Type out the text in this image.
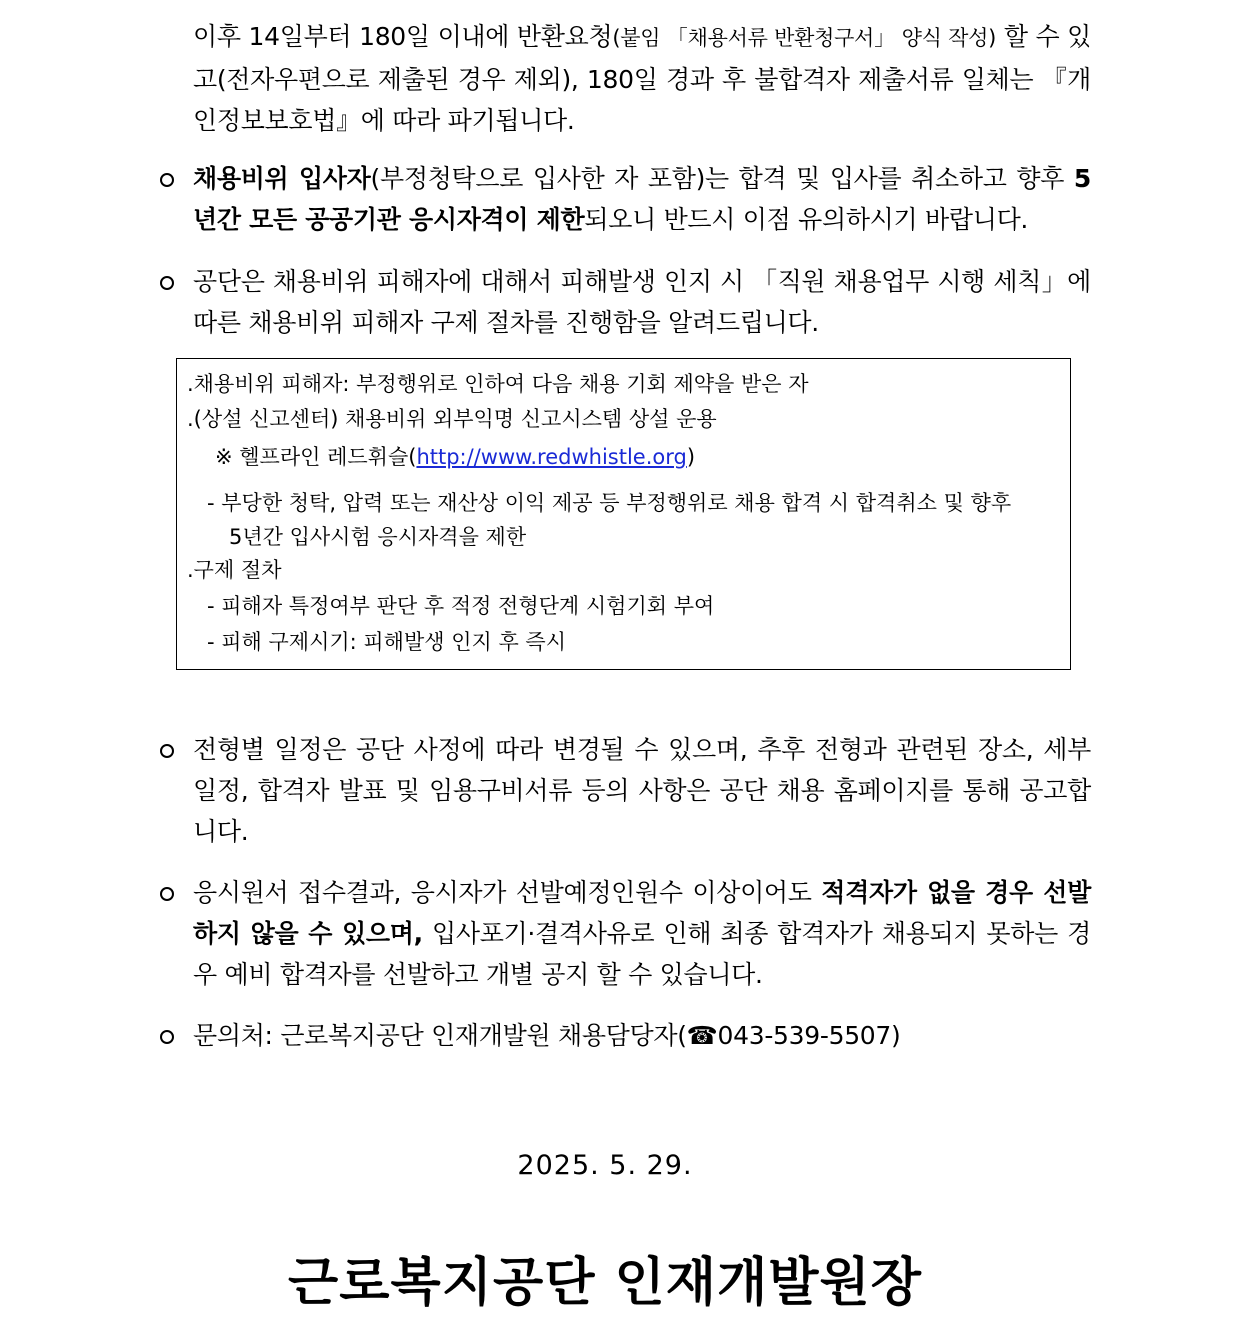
이후 14일부터 180일 이내에 반환요청(붙임 「채용서류 반환청구서」 양식 작성) 할 수 있고(전자우편으로 제출된 경우 제외), 180일 경과 후 불합격자 제출서류 일체는 『개인정보보호법』에 따라 파기됩니다.
채용비위 입사자(부정청탁으로 입사한 자 포함)는 합격 및 입사를 취소하고 향후 5년간 모든 공공기관 응시자격이 제한되오니 반드시 이점 유의하시기 바랍니다.
공단은 채용비위 피해자에 대해서 피해발생 인지 시 「직원 채용업무 시행 세칙」에 따른 채용비위 피해자 구제 절차를 진행함을 알려드립니다.
.채용비위 피해자: 부정행위로 인하여 다음 채용 기회 제약을 받은 자
.(상설 신고센터) 채용비위 외부익명 신고시스템 상설 운용
※ 헬프라인 레드휘슬(http://www.redwhistle.org)
- 부당한 청탁, 압력 또는 재산상 이익 제공 등 부정행위로 채용 합격 시 합격취소 및 향후
5년간 입사시험 응시자격을 제한
.구제 절차
- 피해자 특정여부 판단 후 적정 전형단계 시험기회 부여
- 피해 구제시기: 피해발생 인지 후 즉시
전형별 일정은 공단 사정에 따라 변경될 수 있으며, 추후 전형과 관련된 장소, 세부 일정, 합격자 발표 및 임용구비서류 등의 사항은 공단 채용 홈페이지를 통해 공고합니다.
응시원서 접수결과, 응시자가 선발예정인원수 이상이어도 적격자가 없을 경우 선발하지 않을 수 있으며, 입사포기·결격사유로 인해 최종 합격자가 채용되지 못하는 경우 예비 합격자를 선발하고 개별 공지 할 수 있습니다.
문의처: 근로복지공단 인재개발원 채용담당자(☎043-539-5507)
2025. 5. 29.
근로복지공단 인재개발원장
